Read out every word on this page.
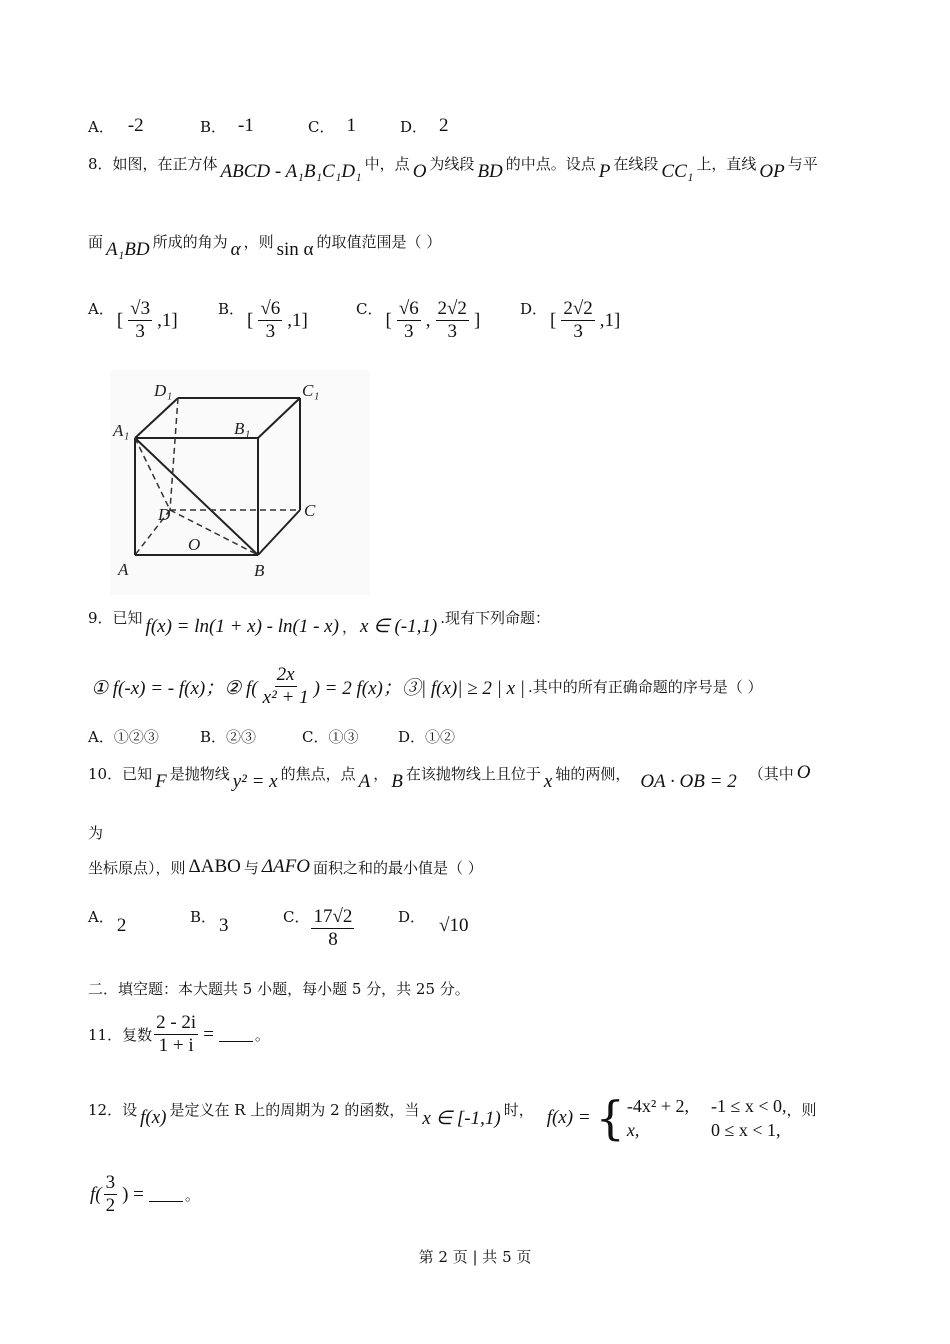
A． -2	B． -1	C． 1	D． 2
8．如图，在正方体 ABCD - A₁B₁C₁D₁ 中，点 O 为线段 BD 的中点。设点 P 在线段 CC₁ 上，直线 OP 与平
面 A₁BD 所成的角为 α ，则 sin α 的取值范围是（ ）
A．
[ $\frac{√3}{3} ,1$]
B．
[ $\frac{√6}{3} ,1$]
C．
[ $\frac{√6}{3}$ , $\frac{2√2}{3}$ ]
D．
[ $\frac{2√2}{3} ,1$]
A	B
C
D
A₁	B₁
C₁
D₁
O
9．已知 f(x) = ln(1 + x) - ln(1 - x) ， x ∈ (-1,1) .现有下列命题：
① f(-x) = - f(x)；② $f( \frac{2x}{\text{x² + 1}}$ ) = 2 f(x)；③| f(x)| ≥ 2 | x | .其中的所有正确命题的序号是（ ）
A．①②③	B．②③	C．①③	D．①②
10．已知 F 是抛物线 y² = x 的焦点，点 A ， B 在该抛物线上且位于 x 轴的两侧， OA · OB = 2 （其中 O
为
坐标原点），则 ΔABO 与 ΔAFO 面积之和的最小值是（ ）
A． 2	B． 3	C． $\frac{17√2}{8}$	D． √10
二．填空题：本大题共 5 小题，每小题 5 分，共 25 分。
11．复数 $\frac{2 - 2i}{1 + i}$ =	。
12．设 f(x) 是定义在 R 上的周期为 2 的函数，当 x ∈ [-1,1) 时， f(x) = { -4x² + 2, -1 ≤ x < 0,
x,	0 ≤ x < 1,
，则
$f( \frac{3}{2}$ ) =	。
第 2 页 | 共 5 页
